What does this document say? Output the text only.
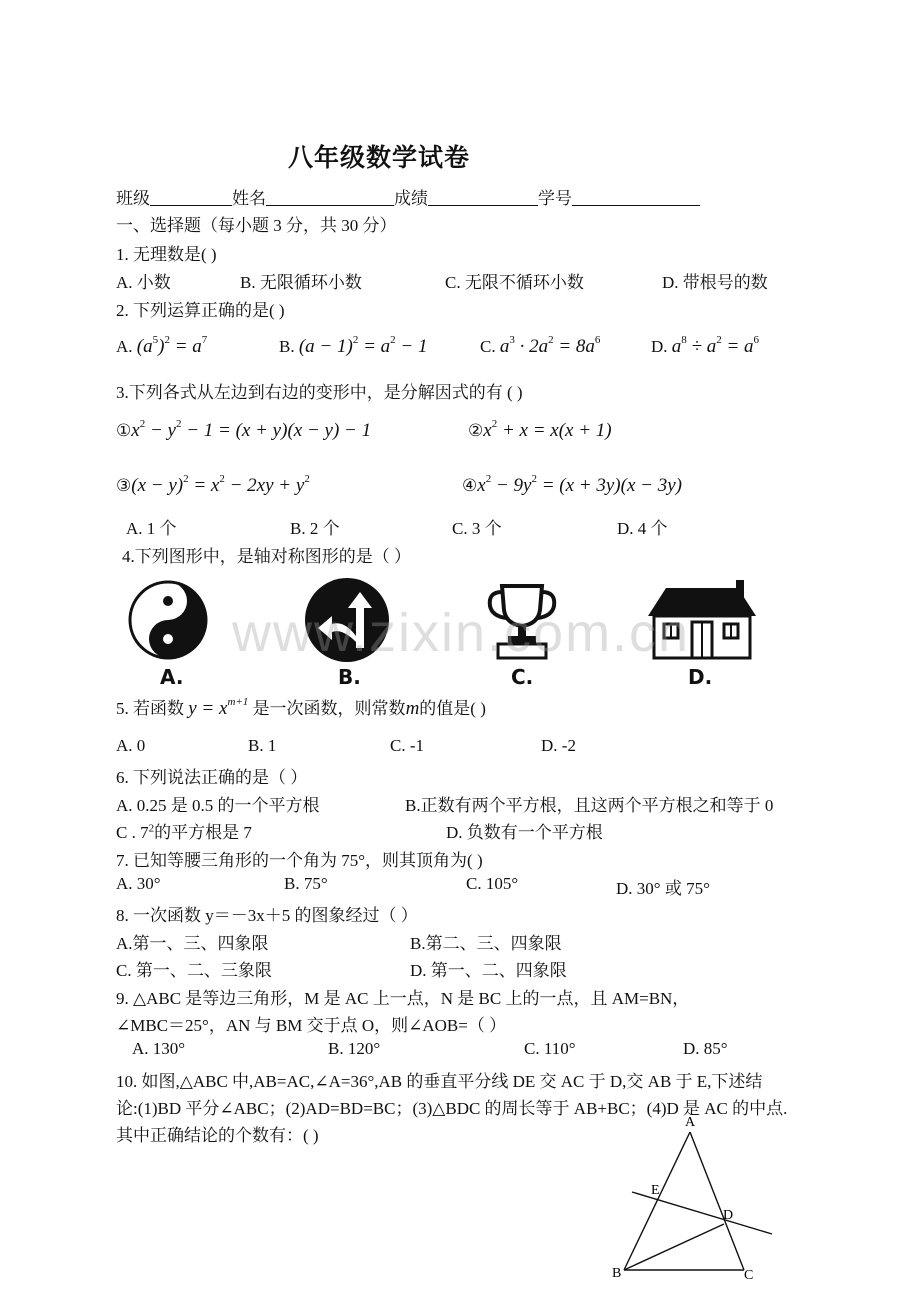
八年级数学试卷
班级	姓名	成绩	学号
一、选择题（每小题 3 分，共 30 分）
1. 无理数是( )
A. 小数	B. 无限循环小数	C. 无限不循环小数	D. 带根号的数
2. 下列运算正确的是( )
A. $(a^5)^2 = a^7$	B. $(a - 1)^2 = a^2 - 1$	C. $a^3 \cdot 2a^2 = 8a^6$	D. $a^8 \div a^2 = a^6$
3.下列各式从左边到右边的变形中，是分解因式的有 ( )
$①x^2 - y^2 - 1 = (x + y)(x - y) - 1$	$②x^2 + x = x(x + 1)$
③(x − $y)^2 = x^2 - 2xy + y^2$	$④x^2 - 9y^2 = (x + 3y)(x - 3y)$
A. 1 个	B. 2 个	C. 3 个	D. 4 个
4.下列图形中，是轴对称图形的是（ ）
A.	B.	C.	D.
www.zixin.com.cn
5. 若函数 $y = x^{m+1}$ 是一次函数，则常数m的值是( )
A. 0	B. 1	C. -1	D. -2
6. 下列说法正确的是（ ）
A. 0.25 是 0.5 的一个平方根	B.正数有两个平方根，且这两个平方根之和等于 0
C . $7^2$的平方根是 7	D. 负数有一个平方根
7. 已知等腰三角形的一个角为 75°，则其顶角为( )
A. 30°	B. 75°	C. 105°	D. 30° 或 75°
8. 一次函数 y＝－3x＋5 的图象经过（ ）
A.第一、三、四象限	B.第二、三、四象限
C. 第一、二、三象限	D. 第一、二、四象限
9. △ABC 是等边三角形，M 是 AC 上一点，N 是 BC 上的一点，且 AM=BN，
∠MBC＝25°，AN 与 BM 交于点 O，则∠AOB=（ ）
A. 130°	B. 120°	C. 110°	D. 85°
10. 如图,△ABC 中,AB=AC,∠A=36°,AB 的垂直平分线 DE 交 AC 于 D,交 AB 于 E,下述结
论:(1)BD 平分∠ABC；(2)AD=BD=BC；(3)△BDC 的周长等于 AB+BC；(4)D 是 AC 的中点.
其中正确结论的个数有：( )
A
B	C
D
E
